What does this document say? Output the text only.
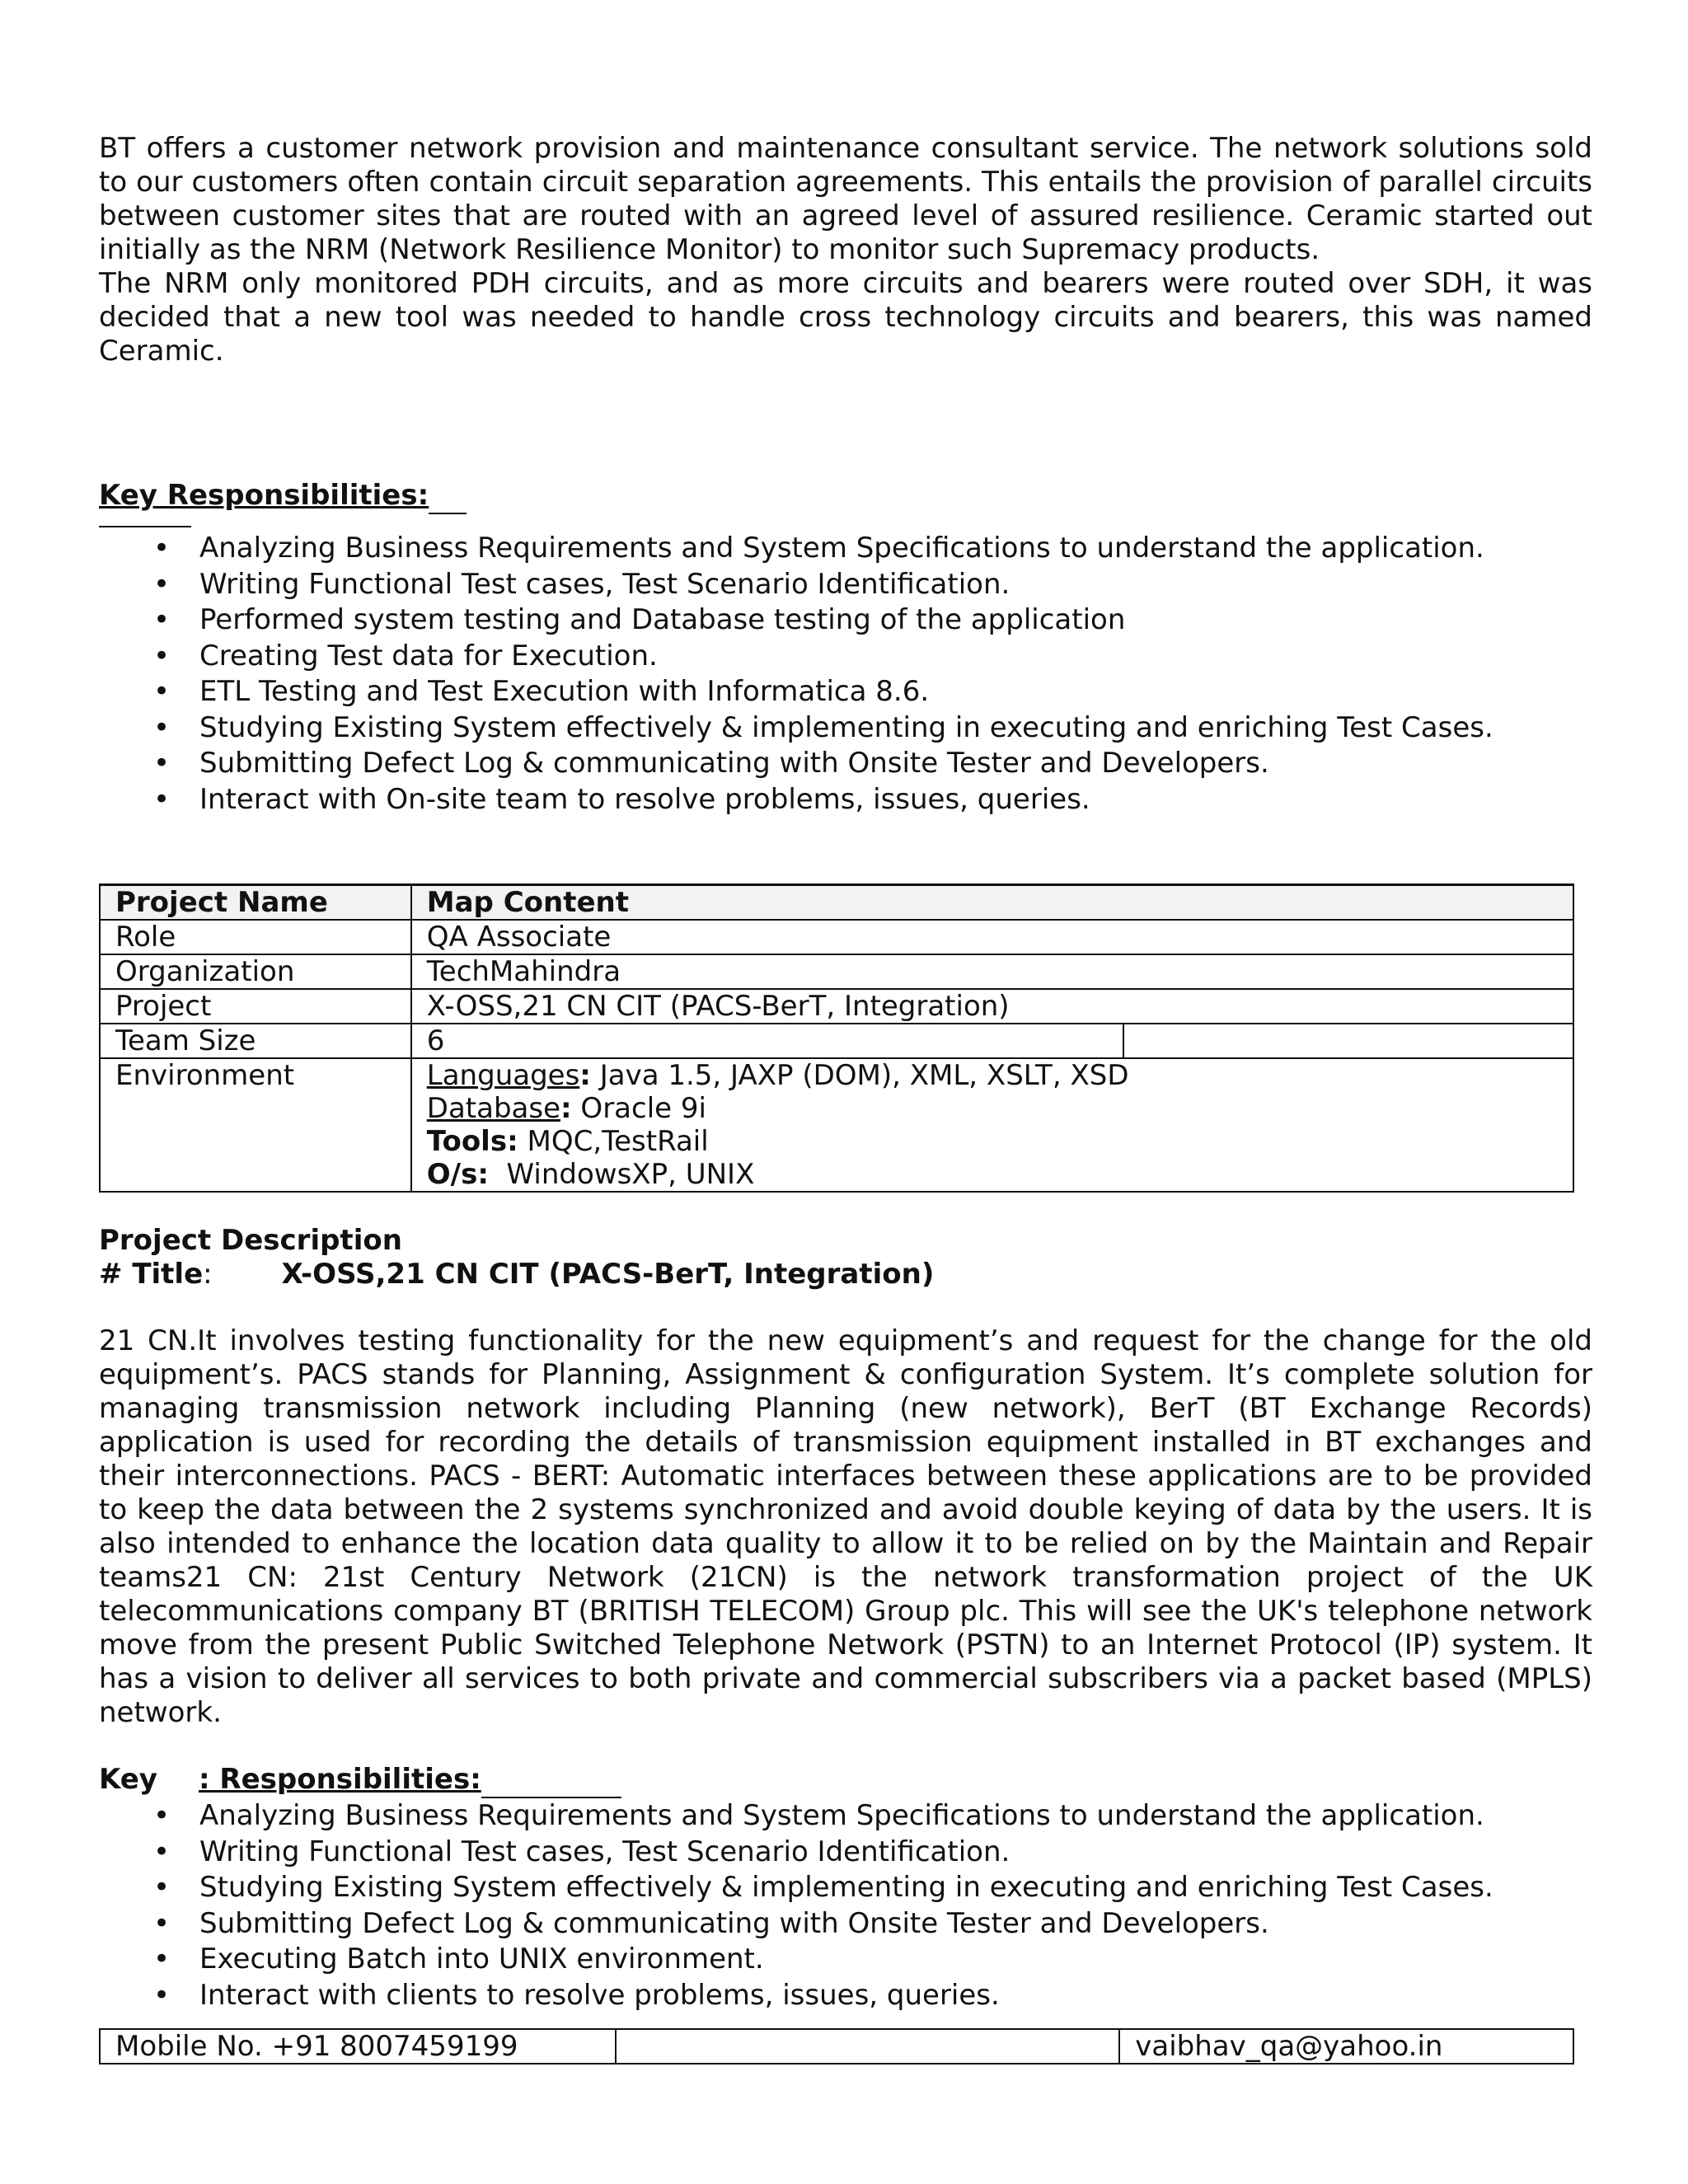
BT offers a customer network provision and maintenance consultant service. The network solutions sold to our customers often contain circuit separation agreements. This entails the provision of parallel circuits between customer sites that are routed with an agreed level of assured resilience. Ceramic started out initially as the NRM (Network Resilience Monitor) to monitor such Supremacy products.

The NRM only monitored PDH circuits, and as more circuits and bearers were routed over SDH, it was decided that a new tool was needed to handle cross technology circuits and bearers, this was named Ceramic.

Key Responsibilities:

• Analyzing Business Requirements and System Specifications to understand the application.
• Writing Functional Test cases, Test Scenario Identification.
• Performed system testing and Database testing of the application
• Creating Test data for Execution.
• ETL Testing and Test Execution with Informatica 8.6.
• Studying Existing System effectively & implementing in executing and enriching Test Cases.
• Submitting Defect Log & communicating with Onsite Tester and Developers.
• Interact with On-site team to resolve problems, issues, queries.
Project Name	Map Content	
Role	QA Associate	
Organization	TechMahindra	
Project	X-OSS,21 CN CIT (PACS-BerT, Integration)	
Team Size	6	
Environment	Languages: Java 1.5, JAXP (DOM), XML, XSLT, XSD
Database: Oracle 9i
Tools: MQC,TestRail
O/s:  WindowsXP, UNIX	

Project Description

# Title: X-OSS,21 CN CIT (PACS-BerT, Integration)

21 CN.It involves testing functionality for the new equipment’s and request for the change for the old equipment’s. PACS stands for Planning, Assignment & configuration System. It’s complete solution for managing transmission network including Planning (new network), BerT (BT Exchange Records) application is used for recording the details of transmission equipment installed in BT exchanges and their interconnections. PACS - BERT: Automatic interfaces between these applications are to be provided to keep the data between the 2 systems synchronized and avoid double keying of data by the users. It is also intended to enhance the location data quality to allow it to be relied on by the Maintain and Repair teams21 CN: 21st Century Network (21CN) is the network transformation project of the UK telecommunications company BT (BRITISH TELECOM) Group plc. This will see the UK's telephone network move from the present Public Switched Telephone Network (PSTN) to an Internet Protocol (IP) system. It has a vision to deliver all services to both private and commercial subscribers via a packet based (MPLS) network.

Key : Responsibilities:

• Analyzing Business Requirements and System Specifications to understand the application.
• Writing Functional Test cases, Test Scenario Identification.
• Studying Existing System effectively & implementing in executing and enriching Test Cases.
• Submitting Defect Log & communicating with Onsite Tester and Developers.
• Executing Batch into UNIX environment.
• Interact with clients to resolve problems, issues, queries.
Mobile No. +91 8007459199		vaibhav_qa@yahoo.in
